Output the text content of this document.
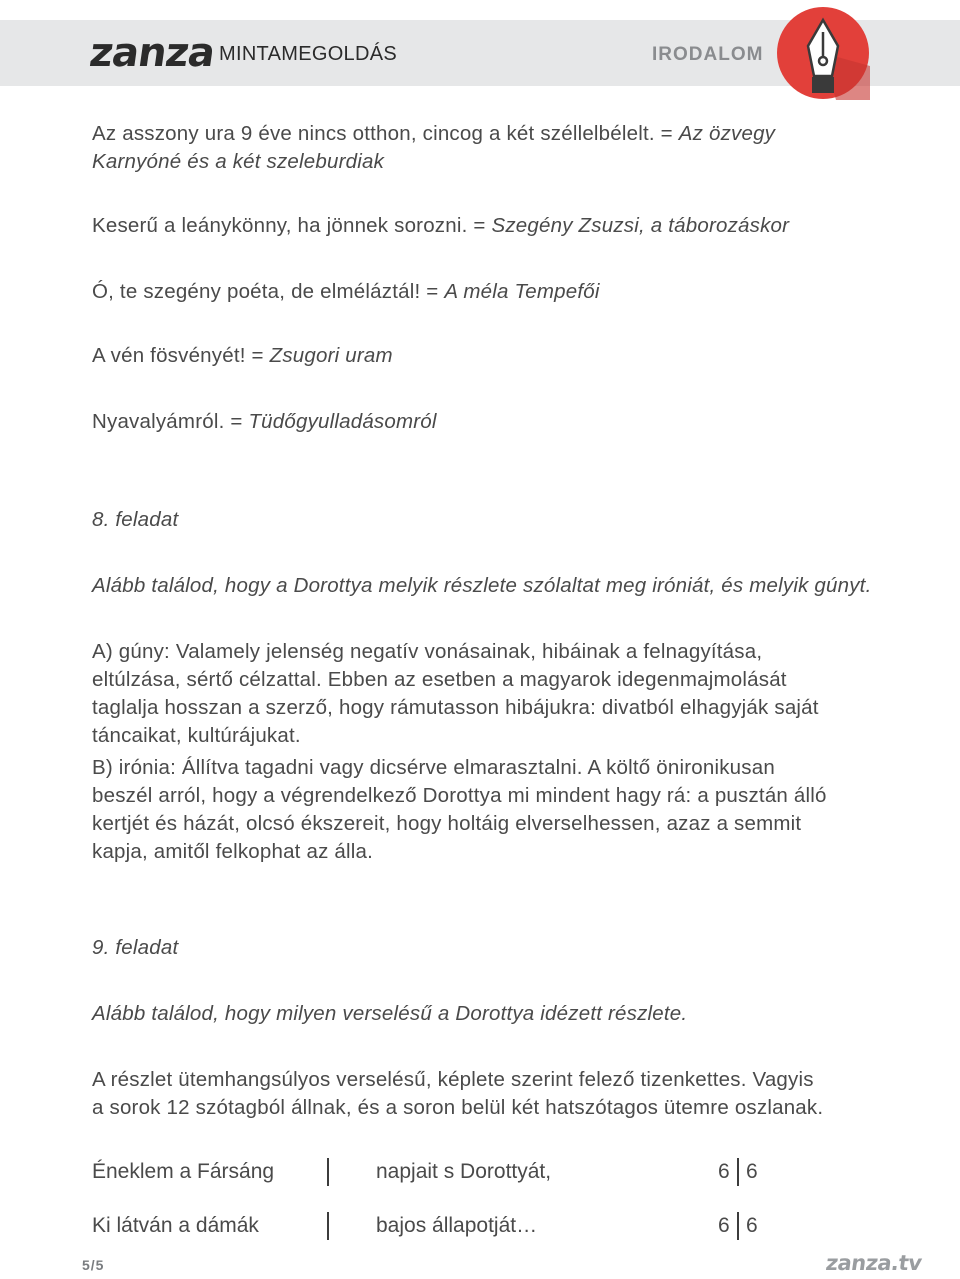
zanza MINTAMEGOLDÁS	IRODALOM
Az asszony ura 9 éve nincs otthon, cincog a két széllelbélelt. = Az özvegy
Karnyóné és a két szeleburdiak
Keserű a leánykönny, ha jönnek sorozni. = Szegény Zsuzsi, a táborozáskor
Ó, te szegény poéta, de elméláztál! = A méla Tempefői
A vén fösvényét! = Zsugori uram
Nyavalyámról. = Tüdőgyulladásomról
8. feladat
Alább találod, hogy a Dorottya melyik részlete szólaltat meg iróniát, és melyik gúnyt.
A) gúny: Valamely jelenség negatív vonásainak, hibáinak a felnagyítása,
eltúlzása, sértő célzattal. Ebben az esetben a magyarok idegenmajmolását
taglalja hosszan a szerző, hogy rámutasson hibájukra: divatból elhagyják saját
táncaikat, kultúrájukat.
B) irónia: Állítva tagadni vagy dicsérve elmarasztalni. A költő önironikusan
beszél arról, hogy a végrendelkező Dorottya mi mindent hagy rá: a pusztán álló
kertjét és házát, olcsó ékszereit, hogy holtáig elverselhessen, azaz a semmit
kapja, amitől felkophat az álla.
9. feladat
Alább találod, hogy milyen verselésű a Dorottya idézett részlete.
A részlet ütemhangsúlyos verselésű, képlete szerint felező tizenkettes. Vagyis
a sorok 12 szótagból állnak, és a soron belül két hatszótagos ütemre oszlanak.
Éneklem a Fársáng	napjait s Dorottyát,	6 6
Ki látván a dámák	bajos állapotját…	6 6
5/5	zanza.tv
